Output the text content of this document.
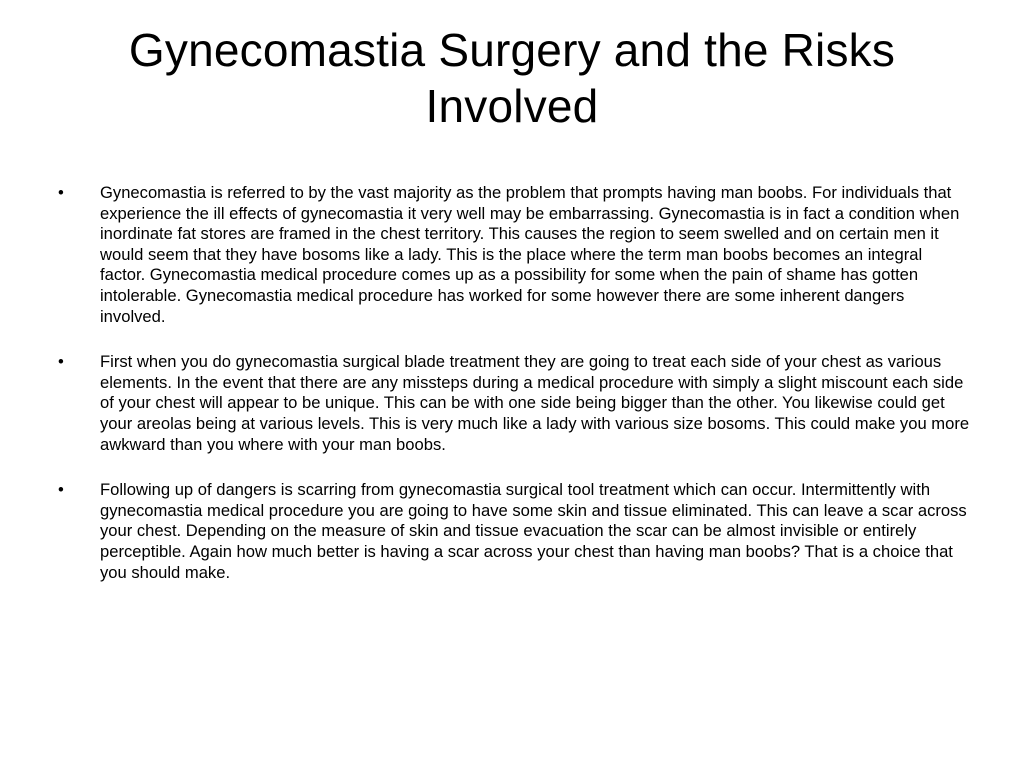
Gynecomastia Surgery and the Risks Involved
•	Gynecomastia is referred to by the vast majority as the problem that prompts having man boobs. For individuals that experience the ill effects of gynecomastia it very well may be embarrassing. Gynecomastia is in fact a condition when inordinate fat stores are framed in the chest territory. This causes the region to seem swelled and on certain men it would seem that they have bosoms like a lady. This is the place where the term man boobs becomes an integral factor. Gynecomastia medical procedure comes up as a possibility for some when the pain of shame has gotten intolerable. Gynecomastia medical procedure has worked for some however there are some inherent dangers involved.
•	First when you do gynecomastia surgical blade treatment they are going to treat each side of your chest as various elements. In the event that there are any missteps during a medical procedure with simply a slight miscount each side of your chest will appear to be unique. This can be with one side being bigger than the other. You likewise could get your areolas being at various levels. This is very much like a lady with various size bosoms. This could make you more awkward than you where with your man boobs.
•	Following up of dangers is scarring from gynecomastia surgical tool treatment which can occur. Intermittently with gynecomastia medical procedure you are going to have some skin and tissue eliminated. This can leave a scar across your chest. Depending on the measure of skin and tissue evacuation the scar can be almost invisible or entirely perceptible. Again how much better is having a scar across your chest than having man boobs? That is a choice that you should make.
